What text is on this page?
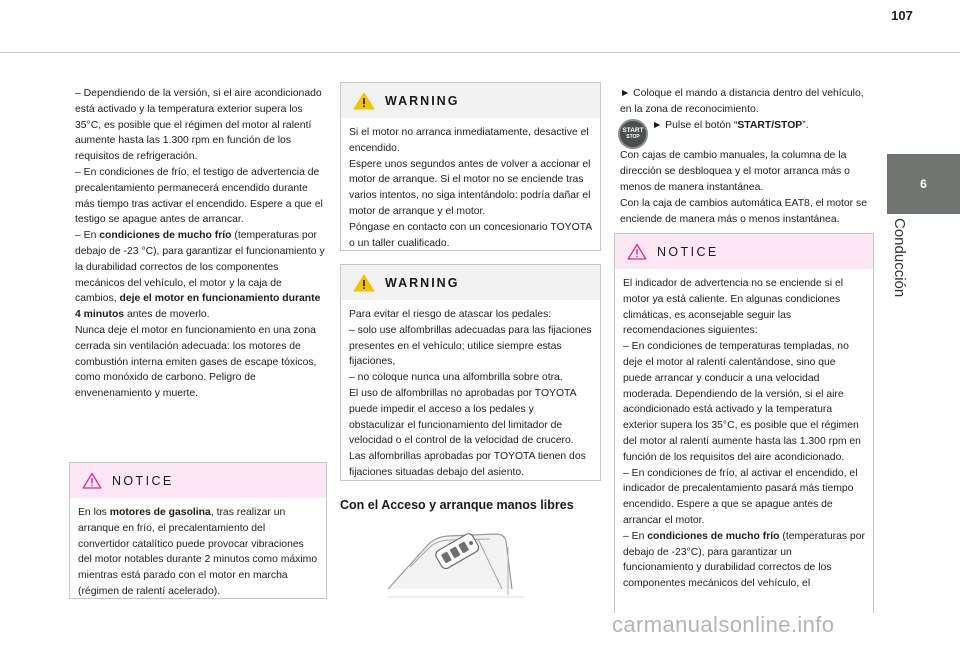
107
6
Conducción

– Dependiendo de la versión, si el aire acondicionado está activado y la temperatura exterior supera los 35°C, es posible que el régimen del motor al ralentí aumente hasta las 1.300 rpm en función de los requisitos de refrigeración.

– En condiciones de frío, el testigo de advertencia de precalentamiento permanecerá encendido durante más tiempo tras activar el encendido. Espere a que el testigo se apague antes de arrancar.

– En condiciones de mucho frío (temperaturas por debajo de -23 °C), para garantizar el funcionamiento y la durabilidad correctos de los componentes mecánicos del vehículo, el motor y la caja de cambios, deje el motor en funcionamiento durante 4 minutos antes de moverlo.

Nunca deje el motor en funcionamiento en una zona cerrada sin ventilación adecuada: los motores de combustión interna emiten gases de escape tóxicos, como monóxido de carbono. Peligro de envenenamiento y muerte.

NOTICE

En los motores de gasolina, tras realizar un arranque en frío, el precalentamiento del convertidor catalítico puede provocar vibraciones del motor notables durante 2 minutos como máximo mientras está parado con el motor en marcha (régimen de ralentí acelerado).

WARNING

Si el motor no arranca inmediatamente, desactive el encendido.

Espere unos segundos antes de volver a accionar el motor de arranque. Si el motor no se enciende tras varios intentos, no siga intentándolo: podría dañar el motor de arranque y el motor.

Póngase en contacto con un concesionario TOYOTA o un taller cualificado.

WARNING

Para evitar el riesgo de atascar los pedales:

– solo use alfombrillas adecuadas para las fijaciones presentes en el vehículo; utilice siempre estas fijaciones,

– no coloque nunca una alfombrilla sobre otra.

El uso de alfombrillas no aprobadas por TOYOTA puede impedir el acceso a los pedales y obstaculizar el funcionamiento del limitador de velocidad o el control de la velocidad de crucero.

Las alfombrillas aprobadas por TOYOTA tienen dos fijaciones situadas debajo del asiento.

Con el Acceso y arranque manos libres

► Coloque el mando a distancia dentro del vehículo, en la zona de reconocimiento.

► Pulse el botón “START/STOP”.

Con cajas de cambio manuales, la columna de la dirección se desbloquea y el motor arranca más o menos de manera instantánea.

Con la caja de cambios automática EAT8, el motor se enciende de manera más o menos instantánea.

START
STOP
NOTICE

El indicador de advertencia no se enciende si el motor ya está caliente. En algunas condiciones climáticas, es aconsejable seguir las recomendaciones siguientes:

– En condiciones de temperaturas templadas, no deje el motor al ralentí calentándose, sino que puede arrancar y conducir a una velocidad moderada. Dependiendo de la versión, si el aire acondicionado está activado y la temperatura exterior supera los 35°C, es posible que el régimen del motor al ralentí aumente hasta las 1.300 rpm en función de los requisitos del aire acondicionado.

– En condiciones de frío, al activar el encendido, el indicador de precalentamiento pasará más tiempo encendido. Espere a que se apague antes de arrancar el motor.

– En condiciones de mucho frío (temperaturas por debajo de -23°C), para garantizar un funcionamiento y durabilidad correctos de los componentes mecánicos del vehículo, el

carmanualsonline.info
